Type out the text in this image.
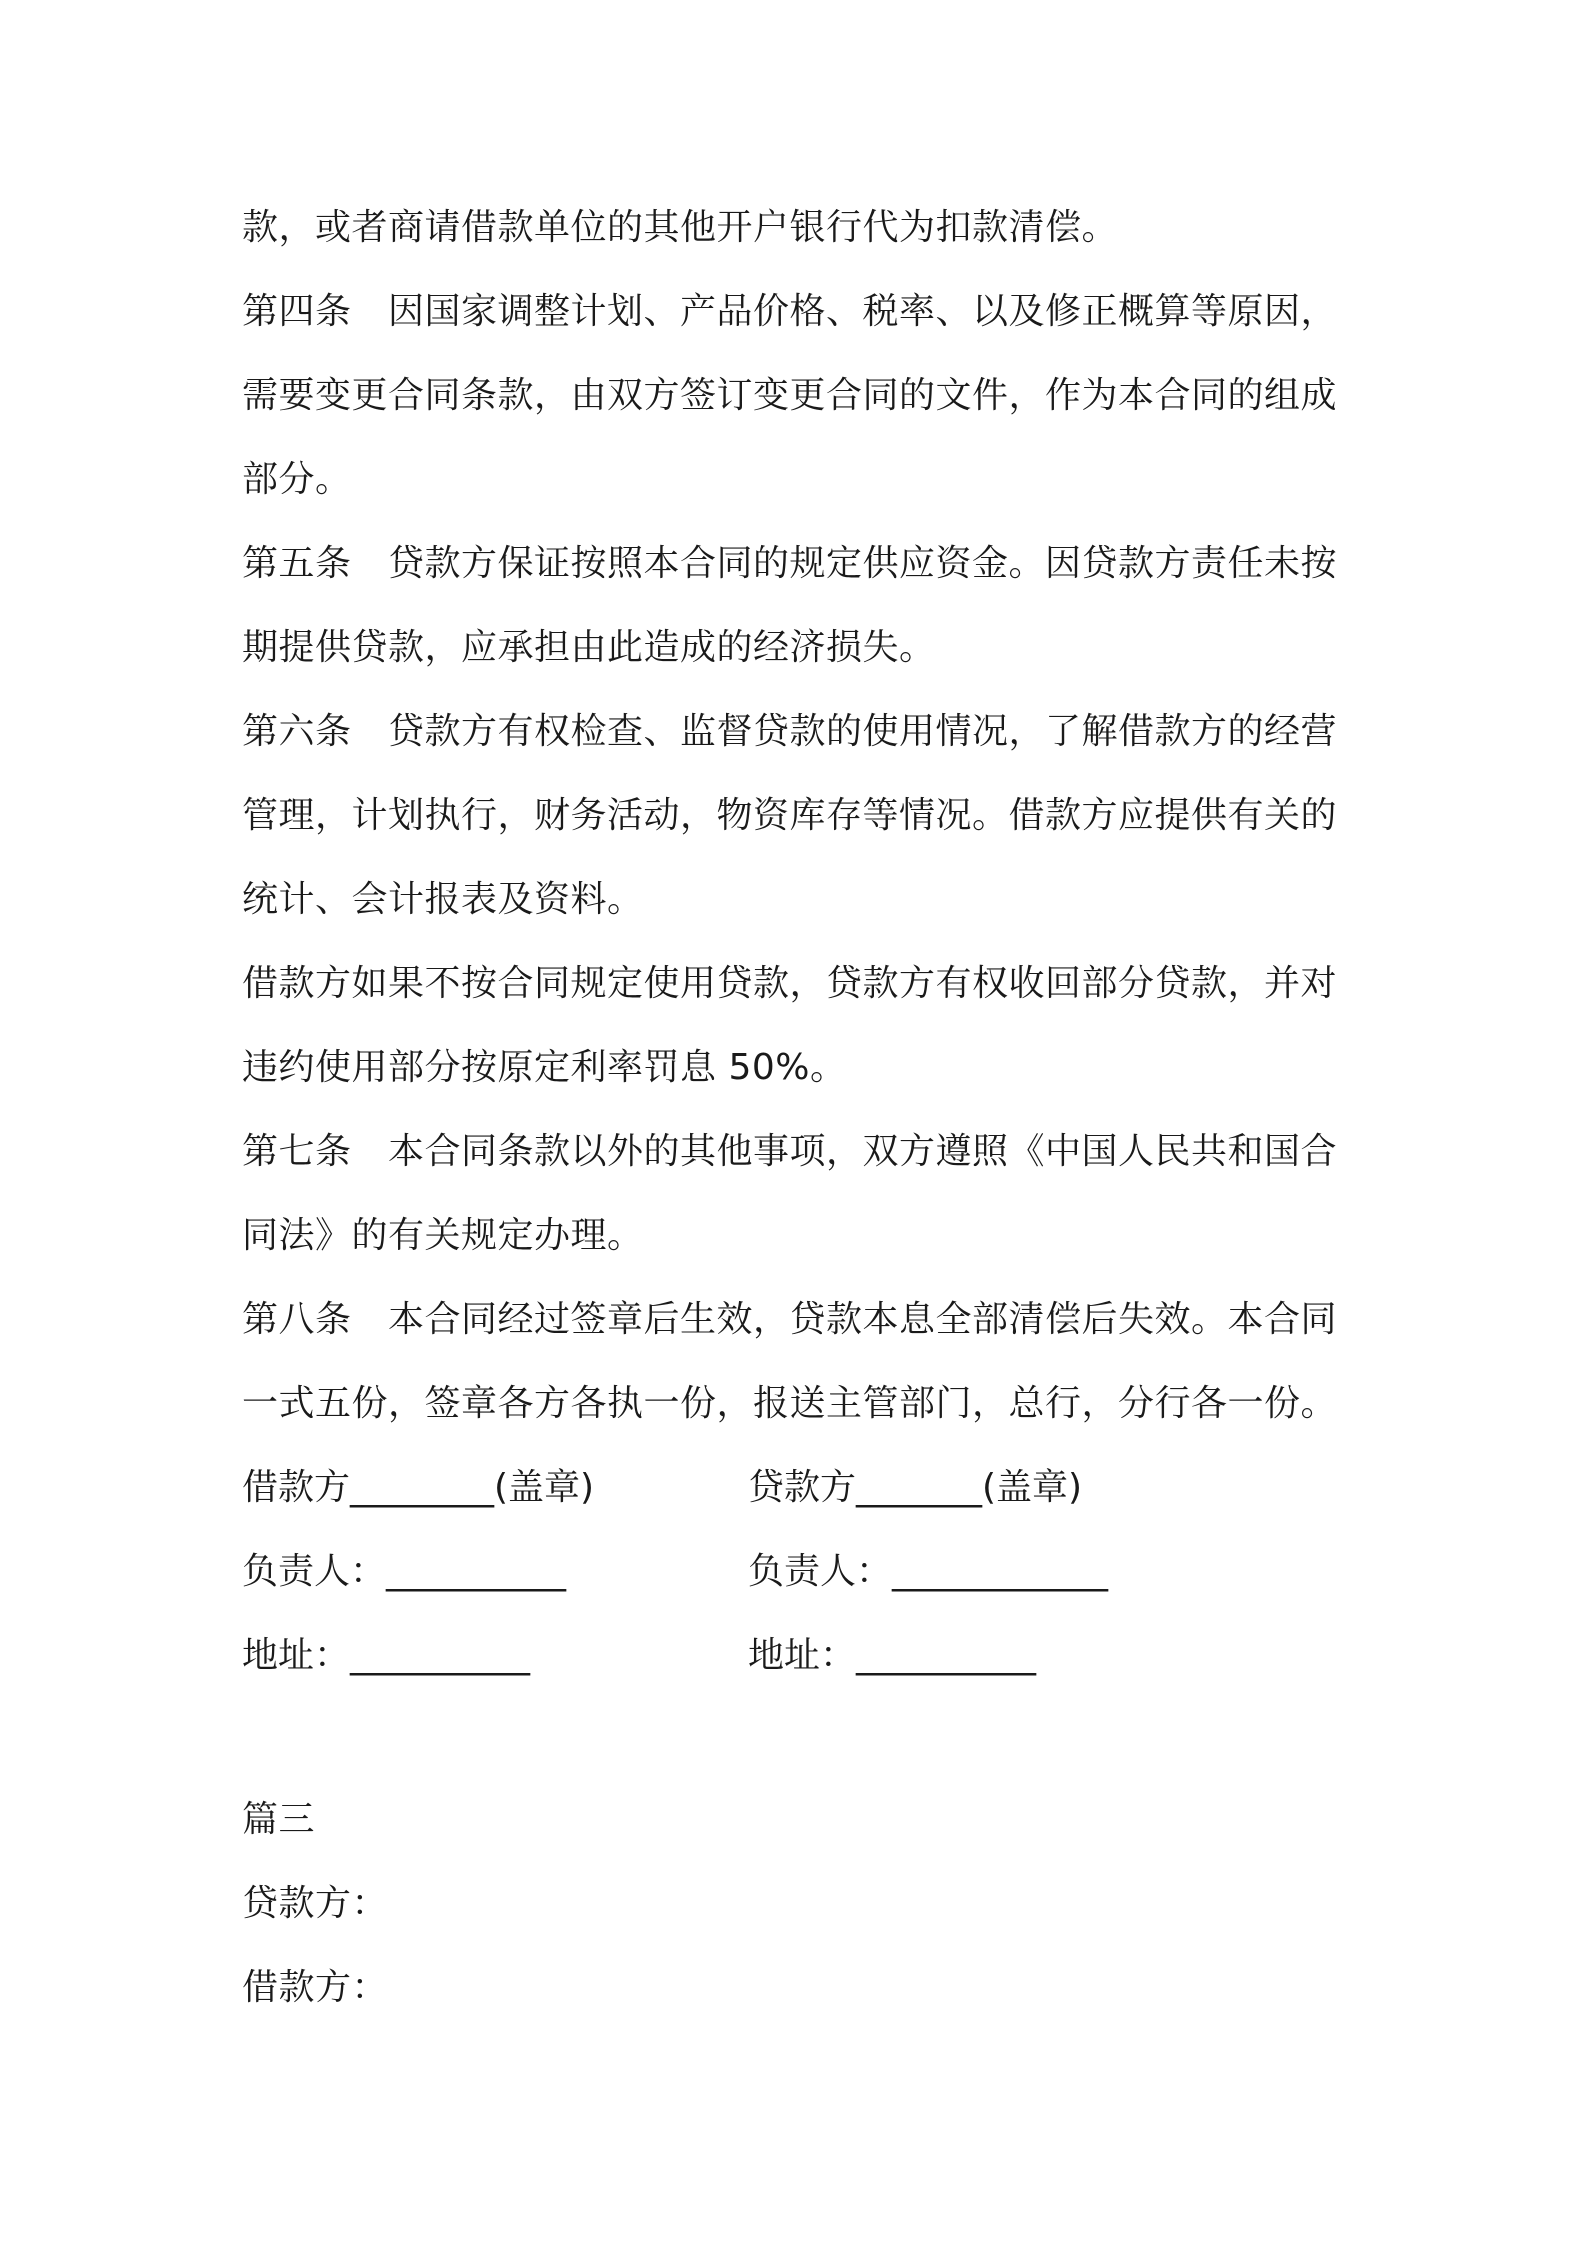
款，或者商请借款单位的其他开户银行代为扣款清偿。
第四条　因国家调整计划、产品价格、税率、以及修正概算等原因，
需要变更合同条款，由双方签订变更合同的文件，作为本合同的组成
部分。
第五条　贷款方保证按照本合同的规定供应资金。因贷款方责任未按
期提供贷款，应承担由此造成的经济损失。
第六条　贷款方有权检查、监督贷款的使用情况，了解借款方的经营
管理，计划执行，财务活动，物资库存等情况。借款方应提供有关的
统计、会计报表及资料。
借款方如果不按合同规定使用贷款，贷款方有权收回部分贷款，并对
违约使用部分按原定利率罚息 50%。
第七条　本合同条款以外的其他事项，双方遵照《中国人民共和国合
同法》的有关规定办理。
第八条　本合同经过签章后生效，贷款本息全部清偿后失效。本合同
一式五份，签章各方各执一份，报送主管部门，总行，分行各一份。
借款方________(盖章)	贷款方_______(盖章)
负责人：__________	负责人：____________
地址：__________	地址：__________
篇三
贷款方：
借款方：
